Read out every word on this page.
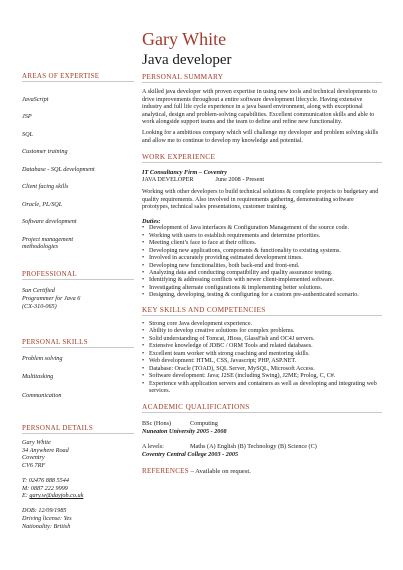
Gary White
Java developer

AREAS OF EXPERTISE

JavaScript

JSP

SQL

Customer training

Database - SQL development

Client facing skills

Oracle, PL/SQL

Software development

Project management methodologies

PROFESSIONAL

Sun Certified

Programmer for Java 6

(CX-310-065)

PERSONAL SKILLS

Problem solving

Multitasking

Communication

PERSONAL DETAILS

Gary White

34 Anywhere Road

Coventry

CV6 7RF

T: 02476 888 5544

M: 0887 222 9999

E: gary.w@dayjob.co.uk

DOB: 12/09/1985

Driving license: Yes

Nationality: British

PERSONAL SUMMARY

A skilled java developer with proven expertise in using new tools and technical developments to drive improvements throughout a entire software development lifecycle. Having extensive industry and full life cycle experience in a java based environment, along with exceptional analytical, design and problem-solving capabilities. Excellent communication skills and able to work alongside support teams and the team to define and refine new functionality.

Looking for a ambitious company which will challenge my developer and problem solving skills and allow me to continue to develop my knowledge and potential.

WORK EXPERIENCE

IT Consultancy Firm – Coventry

JAVA DEVELOPER	June 2008 - Present

Working with other developers to build technical solutions & complete projects to budgetary and quality requirements. Also involved in requirements gathering, demonstrating software prototypes, technical sales presentations, customer training.

Duties:

• Development of Java interfaces & Configuration Management of the source code.
• Working with users to establish requirements and determine priorities.
• Meeting client’s face to face at their offices.
• Developing new applications, components & functionality to existing systems.
• Involved in accurately providing estimated development times.
• Developing new functionalities, both back-end and front-end.
• Analyzing data and conducting compatibility and quality assurance testing.
• Identifying & addressing conflicts with newer client-implemented software.
• Investigating alternate configurations & implementing better solutions.
• Designing, developing, testing & configuring for a custom pre-authenticated scenario.

KEY SKILLS AND COMPETENCIES

• Strong core Java development experience.
• Ability to develop creative solutions for complex problems.
• Solid understanding of Tomcat, JBoss, GlassFish and OC4J servers.
• Extensive knowledge of JDBC / ORM Tools and related databases.
• Excellent team worker with strong coaching and mentoring skills.
• Web development: HTML, CSS, Javascript; PHP, ASP.NET.
• Database: Oracle (TOAD), SQL Server, MySQL, Microsoft Access.
• Software development: Java; J2SE (including Swing), J2ME; Prolog, C, C#.
• Experience with application servers and containers as well as developing and integrating web services.

ACADEMIC QUALIFICATIONS

BSc (Hons)	Computing

Nuneaton University 2005 - 2008

A levels:	Maths (A) English (B) Technology (B) Science (C)

Coventry Central College 2003 - 2005

REFERENCES – Available on request.
